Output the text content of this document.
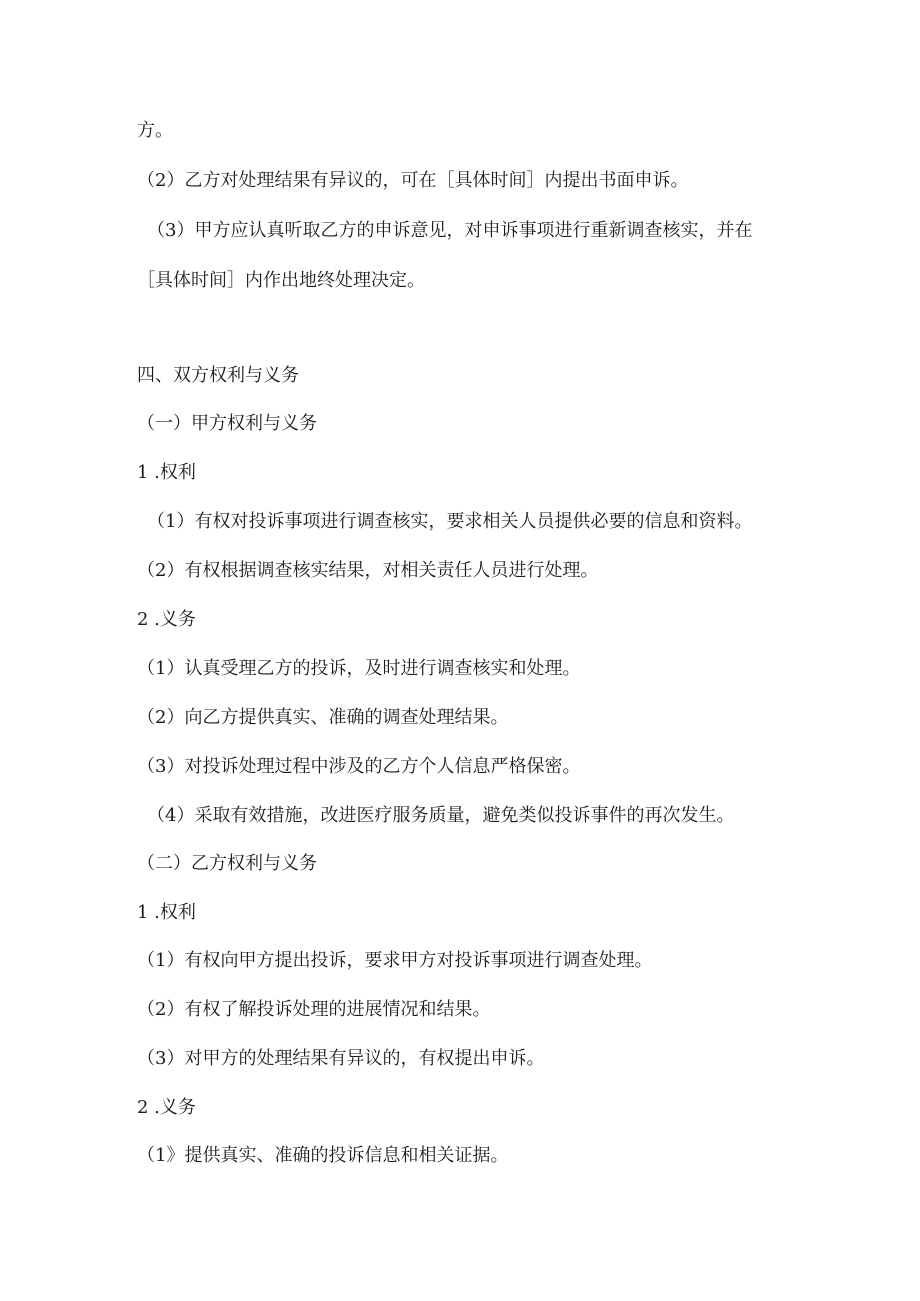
方。
（2）乙方对处理结果有异议的，可在［具体时间］内提出书面申诉。
（3）甲方应认真听取乙方的申诉意见，对申诉事项进行重新调查核实，并在
［具体时间］内作出地终处理决定。
四、双方权利与义务
（一）甲方权利与义务
1 .权利
（1）有权对投诉事项进行调查核实，要求相关人员提供必要的信息和资料。
（2）有权根据调查核实结果，对相关责任人员进行处理。
2 .义务
（1）认真受理乙方的投诉，及时进行调查核实和处理。
（2）向乙方提供真实、准确的调查处理结果。
（3）对投诉处理过程中涉及的乙方个人信息严格保密。
（4）采取有效措施，改进医疗服务质量，避免类似投诉事件的再次发生。
（二）乙方权利与义务
1 .权利
（1）有权向甲方提出投诉，要求甲方对投诉事项进行调查处理。
（2）有权了解投诉处理的进展情况和结果。
（3）对甲方的处理结果有异议的，有权提出申诉。
2 .义务
（1》提供真实、准确的投诉信息和相关证据。
